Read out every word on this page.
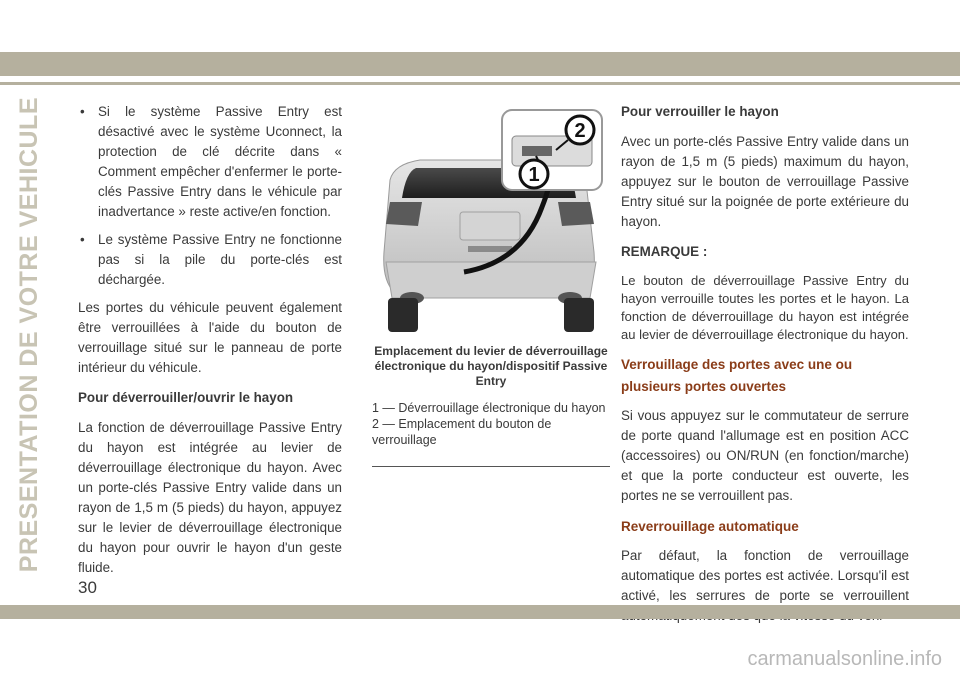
PRESENTATION DE VOTRE VEHICULE	• Si le système Passive Entry est désactivé avec le système Uconnect, la protection de clé décrite dans « Comment empêcher d'enfermer le porte-clés Passive Entry dans le véhicule par inadvertance » reste active/en fonction.
• Le système Passive Entry ne fonctionne pas si la pile du porte-clés est déchargée.

Les portes du véhicule peuvent également être verrouillées à l'aide du bouton de verrouillage situé sur le panneau de porte intérieur du véhicule.

Pour déverrouiller/ouvrir le hayon

La fonction de déverrouillage Passive Entry du hayon est intégrée au levier de déverrouillage électronique du hayon. Avec un porte-clés Passive Entry valide dans un rayon de 1,5 m (5 pieds) du hayon, appuyez sur le levier de déverrouillage électronique du hayon pour ouvrir le hayon d'un geste fluide.

2
1
Emplacement du levier de déverrouillage électronique du hayon/dispositif Passive Entry
1 — Déverrouillage électronique du hayon
2 — Emplacement du bouton de verrouillage

Pour verrouiller le hayon

Avec un porte-clés Passive Entry valide dans un rayon de 1,5 m (5 pieds) maximum du hayon, appuyez sur le bouton de verrouillage Passive Entry situé sur la poignée de porte extérieure du hayon.

REMARQUE :

Le bouton de déverrouillage Passive Entry du hayon verrouille toutes les portes et le hayon. La fonction de déverrouillage du hayon est intégrée au levier de déverrouillage électronique du hayon.

Verrouillage des portes avec une ou plusieurs portes ouvertes

Si vous appuyez sur le commutateur de serrure de porte quand l'allumage est en position ACC (accessoires) ou ON/RUN (en fonction/marche) et que la porte conducteur est ouverte, les portes ne se verrouillent pas.

Reverrouillage automatique

Par défaut, la fonction de verrouillage automatique des portes est activée. Lorsqu'il est activé, les serrures de porte se verrouillent

30
carmanualsonline.info
